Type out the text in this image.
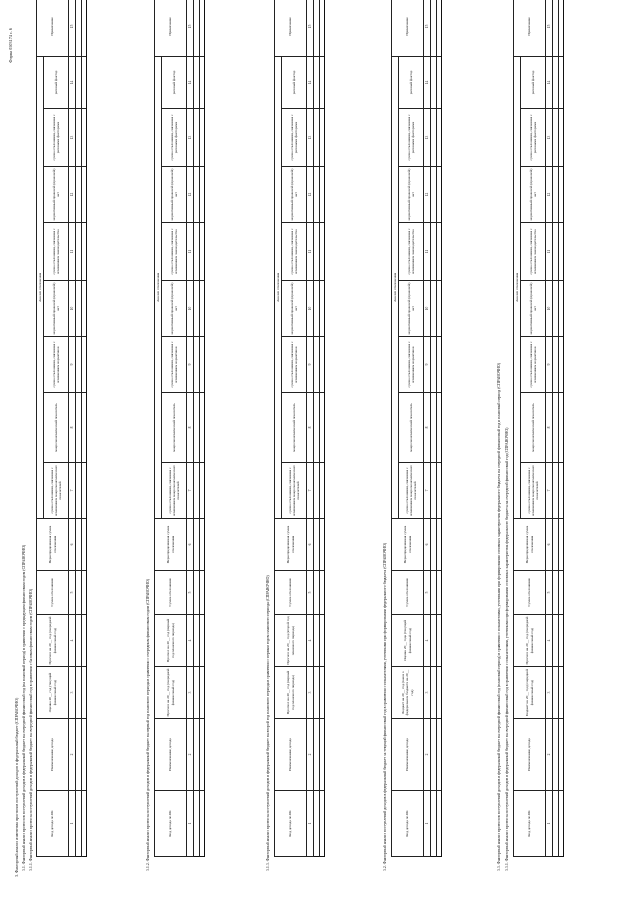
Форма 0503174 с. 6
3. Факторный анализ изменения прогнозов поступлений доходов в федеральный бюджет (СПРАВОЧНО) 3.1. Факторный анализ прогнозов поступлений доходов в федеральный бюджет на очередной финансовый год (на плановый период) в сравнении с предыдущим финансовым годом (СПРАВОЧНО) 3.1.1. Факторный анализ прогноза поступлений доходов в федеральный бюджет на очередной финансовый год в сравнении с базовым финансовым годом (СПРАВОЧНО)	Код дохода по БК	Наименование дохода	Оценка 20__ год (текущий финансовый год)	Прогноз на 20__ год (очередной финансовый год)	Сумма отклонения	Нераспределенная сумма отклонения	Анализ отклонения								Примечание
						сумма отклонения, связанная с изменением макроэкономических показателей	макроэкономический показатель	сумма отклонения, связанная с изменением нормативов	нормативный правовой (правовой) акт	сумма отклонения, связанная с изменением законодательства	нормативный правовой (правовой) акт	сумма отклонения, связанная с разовыми факторами	разовый фактор	
1	2	3	4	5	6	7	8	9	10	11	12	13	14	15

3.1.2. Факторный анализ прогноза поступлений доходов в федеральный бюджет на первый год планового периода в сравнении с очередным финансовым годом (СПРАВОЧНО)	Код дохода по БК	Наименование дохода	Прогноз на 20__ год (очередной финансовый год)	Прогноз на 20__ год (первый год планового периода)	Сумма отклонения	Нераспределенная сумма отклонения	Анализ отклонения								Примечание
						сумма отклонения, связанная с изменением макроэкономических показателей	макроэкономический показатель	сумма отклонения, связанная с изменением нормативов	нормативный правовой (правовой) акт	сумма отклонения, связанная с изменением законодательства	нормативный правовой (правовой) акт	сумма отклонения, связанная с разовыми факторами	разовый фактор	
1	2	3	4	5	6	7	8	9	10	11	12	13	14	15

3.1.3. Факторный анализ прогноза поступлений доходов в федеральный бюджет на второй год планового периода в сравнении с первым годом планового периода (СПРАВОЧНО)	Код дохода по БК	Наименование дохода	Прогноз на 20__ год (первый год планового периода)	Прогноз на 20__ год (второй год планового периода)	Сумма отклонения	Нераспределенная сумма отклонения	Анализ отклонения								Примечание
						сумма отклонения, связанная с изменением макроэкономических показателей	макроэкономический показатель	сумма отклонения, связанная с изменением нормативов	нормативный правовой (правовой) акт	сумма отклонения, связанная с изменением законодательства	нормативный правовой (правовой) акт	сумма отклонения, связанная с разовыми факторами	разовый фактор	
1	2	3	4	5	6	7	8	9	10	11	12	13	14	15

3.2. Факторный анализ поступлений доходов в федеральный бюджет за текущий финансовый год в сравнении с показателями, учтенными при формировании федерального бюджета (СПРАВОЧНО)	Код дохода по БК	Наименование дохода	Бюджет на 20__ год (закон о федеральном бюджете на 20__ год)	Оценка 20__ года (текущий финансовый год)	Сумма отклонения	Нераспределенная сумма отклонения	Анализ отклонения								Примечание
						сумма отклонения, связанная с изменением макроэкономических показателей	макроэкономический показатель	сумма отклонения, связанная с изменением нормативов	нормативный правовой (правовой) акт	сумма отклонения, связанная с изменением законодательства	нормативный правовой (правовой) акт	сумма отклонения, связанная с разовыми факторами	разовый фактор	
1	2	3	4	5	6	7	8	9	10	11	12	13	14	15

3.3. Факторный анализ прогнозов поступлений доходов в федеральный бюджет на очередной финансовый год (плановый период) в сравнении с показателями, учтенными при формировании основных характеристик федерального бюджета на очередной финансовый год и плановый период (СПРАВОЧНО) 3.3.1. Факторный анализ прогноза поступлений доходов в федеральный бюджет на очередной финансовый год в сравнении с показателями, учтенными при формировании основных характеристик федерального бюджета на очередной финансовый год (СПРАВОЧНО)	Код дохода по БК	Наименование дохода	Бюджет на 20__ год (очередной финансовый год)	Прогноз на 20__ год (очередной финансовый год)	Сумма отклонения	Нераспределенная сумма отклонения	Анализ отклонения								Примечание
						сумма отклонения, связанная с изменением макроэкономических показателей	макроэкономический показатель	сумма отклонения, связанная с изменением нормативов	нормативный правовой (правовой) акт	сумма отклонения, связанная с изменением законодательства	нормативный правовой (правовой) акт	сумма отклонения, связанная с разовыми факторами	разовый фактор	
1	2	3	4	5	6	7	8	9	10	11	12	13	14	15
